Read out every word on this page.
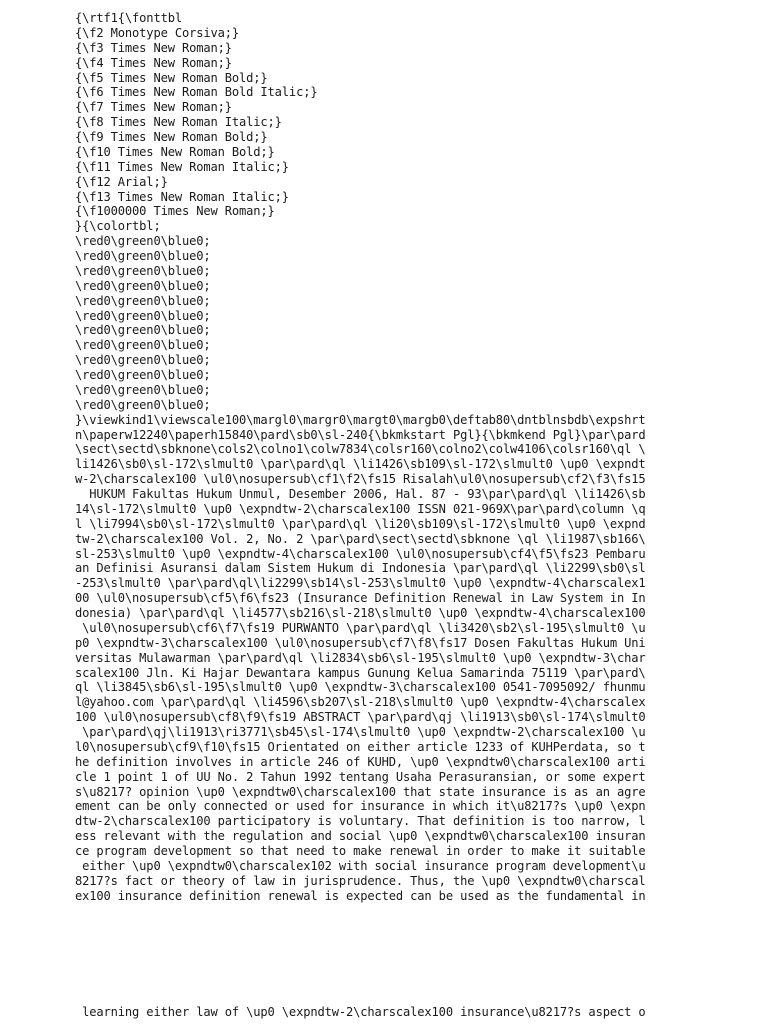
{\rtf1{\fonttbl
{\f2 Monotype Corsiva;}
{\f3 Times New Roman;}
{\f4 Times New Roman;}
{\f5 Times New Roman Bold;}
{\f6 Times New Roman Bold Italic;}
{\f7 Times New Roman;}
{\f8 Times New Roman Italic;}
{\f9 Times New Roman Bold;}
{\f10 Times New Roman Bold;}
{\f11 Times New Roman Italic;}
{\f12 Arial;}
{\f13 Times New Roman Italic;}
{\f1000000 Times New Roman;}
}{\colortbl;
\red0\green0\blue0;
\red0\green0\blue0;
\red0\green0\blue0;
\red0\green0\blue0;
\red0\green0\blue0;
\red0\green0\blue0;
\red0\green0\blue0;
\red0\green0\blue0;
\red0\green0\blue0;
\red0\green0\blue0;
\red0\green0\blue0;
\red0\green0\blue0;
}\viewkind1\viewscale100\margl0\margr0\margt0\margb0\deftab80\dntblnsbdb\expshrt
n\paperw12240\paperh15840\pard\sb0\sl-240{\bkmkstart Pgl}{\bkmkend Pgl}\par\pard
\sect\sectd\sbknone\cols2\colno1\colw7834\colsr160\colno2\colw4106\colsr160\ql \
li1426\sb0\sl-172\slmult0 \par\pard\ql \li1426\sb109\sl-172\slmult0 \up0 \expndt
w-2\charscalex100 \ul0\nosupersub\cf1\f2\fs15 Risalah\ul0\nosupersub\cf2\f3\fs15
HUKUM Fakultas Hukum Unmul, Desember 2006, Hal. 87 - 93\par\pard\ql \li1426\sb
14\sl-172\slmult0 \up0 \expndtw-2\charscalex100 ISSN 021-969X\par\pard\column \q
l \li7994\sb0\sl-172\slmult0 \par\pard\ql \li20\sb109\sl-172\slmult0 \up0 \expnd
tw-2\charscalex100 Vol. 2, No. 2 \par\pard\sect\sectd\sbknone \ql \li1987\sb166\
sl-253\slmult0 \up0 \expndtw-4\charscalex100 \ul0\nosupersub\cf4\f5\fs23 Pembaru
an Definisi Asuransi dalam Sistem Hukum di Indonesia \par\pard\ql \li2299\sb0\sl
-253\slmult0 \par\pard\ql\li2299\sb14\sl-253\slmult0 \up0 \expndtw-4\charscalex1
00 \ul0\nosupersub\cf5\f6\fs23 (Insurance Definition Renewal in Law System in In
donesia) \par\pard\ql \li4577\sb216\sl-218\slmult0 \up0 \expndtw-4\charscalex100
\ul0\nosupersub\cf6\f7\fs19 PURWANTO \par\pard\ql \li3420\sb2\sl-195\slmult0 \u
p0 \expndtw-3\charscalex100 \ul0\nosupersub\cf7\f8\fs17 Dosen Fakultas Hukum Uni
versitas Mulawarman \par\pard\ql \li2834\sb6\sl-195\slmult0 \up0 \expndtw-3\char
scalex100 Jln. Ki Hajar Dewantara kampus Gunung Kelua Samarinda 75119 \par\pard\
ql \li3845\sb6\sl-195\slmult0 \up0 \expndtw-3\charscalex100 0541-7095092/ fhunmu
l@yahoo.com \par\pard\ql \li4596\sb207\sl-218\slmult0 \up0 \expndtw-4\charscalex
100 \ul0\nosupersub\cf8\f9\fs19 ABSTRACT \par\pard\qj \li1913\sb0\sl-174\slmult0
\par\pard\qj\li1913\ri3771\sb45\sl-174\slmult0 \up0 \expndtw-2\charscalex100 \u
l0\nosupersub\cf9\f10\fs15 Orientated on either article 1233 of KUHPerdata, so t
he definition involves in article 246 of KUHD, \up0 \expndtw0\charscalex100 arti
cle 1 point 1 of UU No. 2 Tahun 1992 tentang Usaha Perasuransian, or some expert
s\u8217? opinion \up0 \expndtw0\charscalex100 that state insurance is as an agre
ement can be only connected or used for insurance in which it\u8217?s \up0 \expn
dtw-2\charscalex100 participatory is voluntary. That definition is too narrow, l
ess relevant with the regulation and social \up0 \expndtw0\charscalex100 insuran
ce program development so that need to make renewal in order to make it suitable
either \up0 \expndtw0\charscalex102 with social insurance program development\u
8217?s fact or theory of law in jurisprudence. Thus, the \up0 \expndtw0\charscal
ex100 insurance definition renewal is expected can be used as the fundamental in
learning either law of \up0 \expndtw-2\charscalex100 insurance\u8217?s aspect o
